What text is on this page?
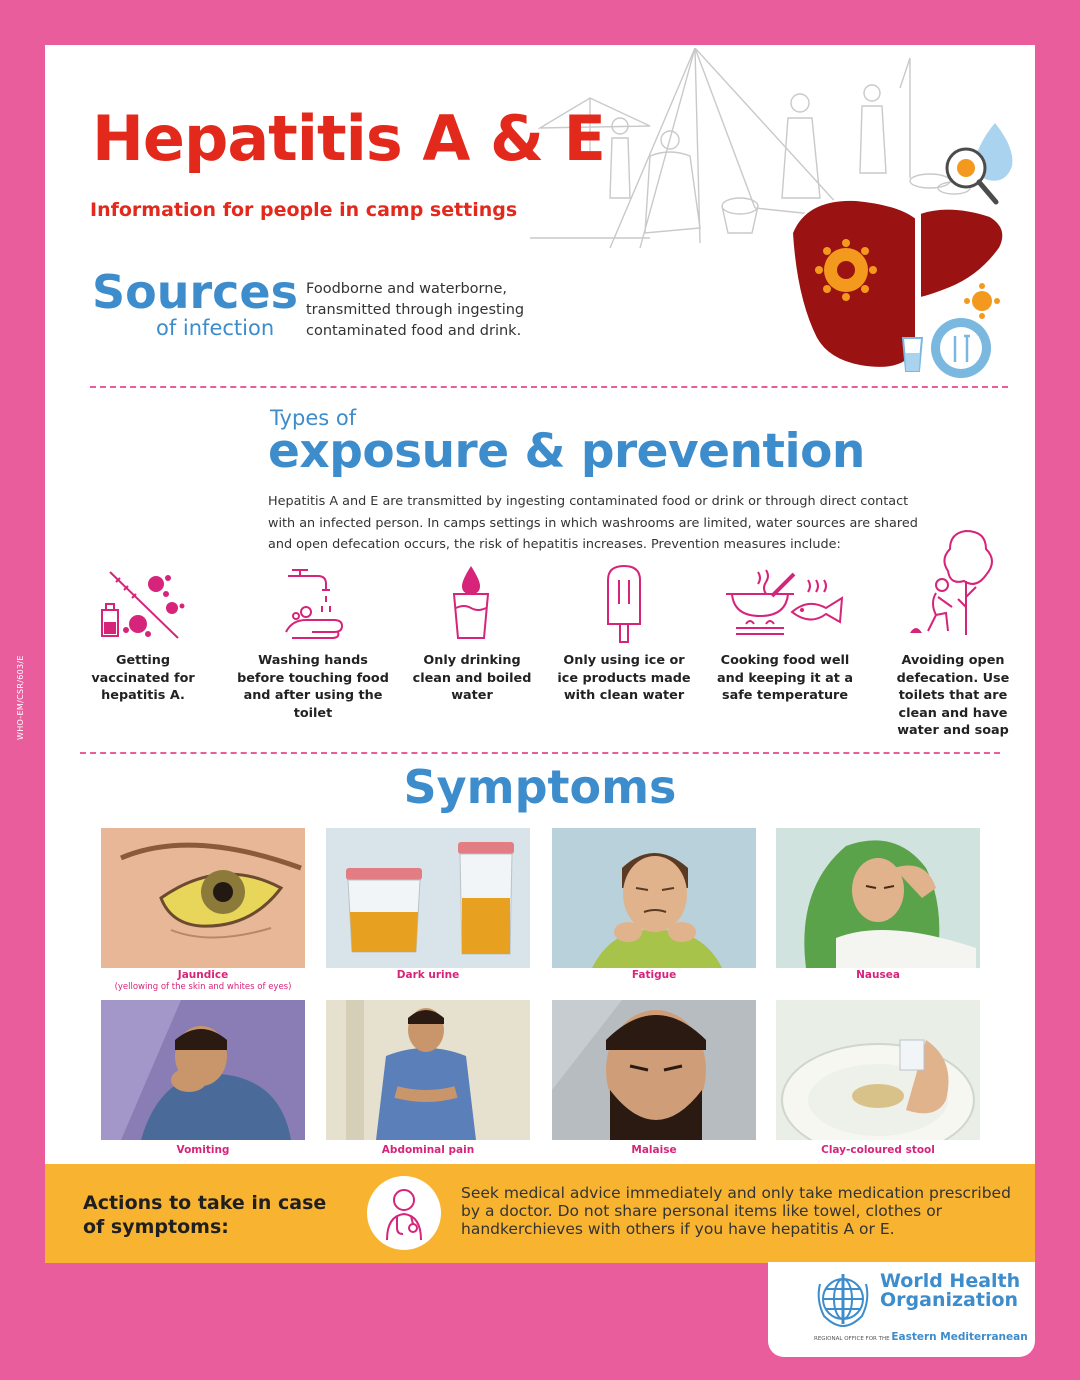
WHO-EM/CSR/603/E
Hepatitis A & E
Information for people in camp settings
Sources
of infection
Foodborne and waterborne, transmitted through ingesting contaminated food and drink.
Types of
exposure & prevention
Hepatitis A and E are transmitted by ingesting contaminated food or drink or through direct contact with an infected person. In camps settings in which washrooms are limited, water sources are shared and open defecation occurs, the risk of hepatitis increases. Prevention measures include:
Getting vaccinated for hepatitis A.
Washing hands before touching food and after using the toilet
Only drinking clean and boiled water
Only using ice or ice products made with clean water
Cooking food well and keeping it at a safe temperature
Avoiding open defecation. Use toilets that are clean and have water and soap
Symptoms
Jaundice
(yellowing of the skin and whites of eyes)
Dark urine	Fatigue	Nausea
Vomiting	Abdominal pain	Malaise	Clay-coloured stool
Actions to take in case of symptoms:
Seek medical advice immediately and only take medication prescribed by a doctor. Do not share personal items like towel, clothes or handkerchieves with others if you have hepatitis A or E.
World Health
Organization
REGIONAL OFFICE FOR THE Eastern Mediterranean
